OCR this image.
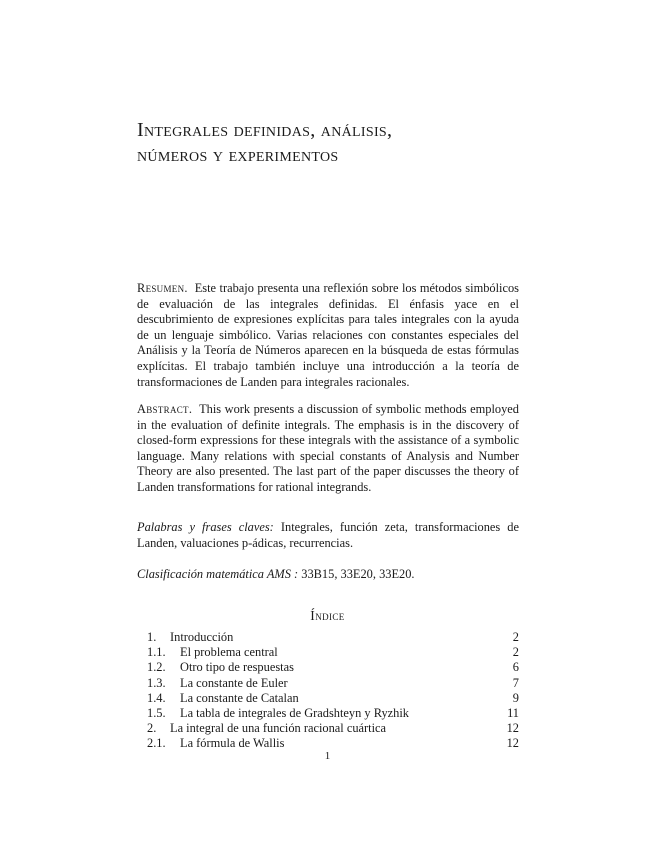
Integrales definidas, análisis,
números y experimentos
Resumen. Este trabajo presenta una reflexión sobre los métodos simbólicos de evaluación de las integrales definidas. El énfasis yace en el descubrimiento de expresiones explícitas para tales integrales con la ayuda de un lenguaje simbólico. Varias relaciones con constantes especiales del Análisis y la Teoría de Números aparecen en la búsqueda de estas fórmulas explícitas. El trabajo también incluye una introducción a la teoría de transformaciones de Landen para integrales racionales.
Abstract. This work presents a discussion of symbolic methods employed in the evaluation of definite integrals. The emphasis is in the discovery of closed-form expressions for these integrals with the assistance of a symbolic language. Many relations with special constants of Analysis and Number Theory are also presented. The last part of the paper discusses the theory of Landen transformations for rational integrands.
Palabras y frases claves: Integrales, función zeta, transformaciones de Landen, valuaciones p-ádicas, recurrencias.
Clasificación matemática AMS : 33B15, 33E20, 33E20.
Índice
1.	Introducción	2
1.1.	El problema central	2
1.2.	Otro tipo de respuestas	6
1.3.	La constante de Euler	7
1.4.	La constante de Catalan	9
1.5.	La tabla de integrales de Gradshteyn y Ryzhik	11
2.	La integral de una función racional cuártica	12
2.1.	La fórmula de Wallis	12
1
